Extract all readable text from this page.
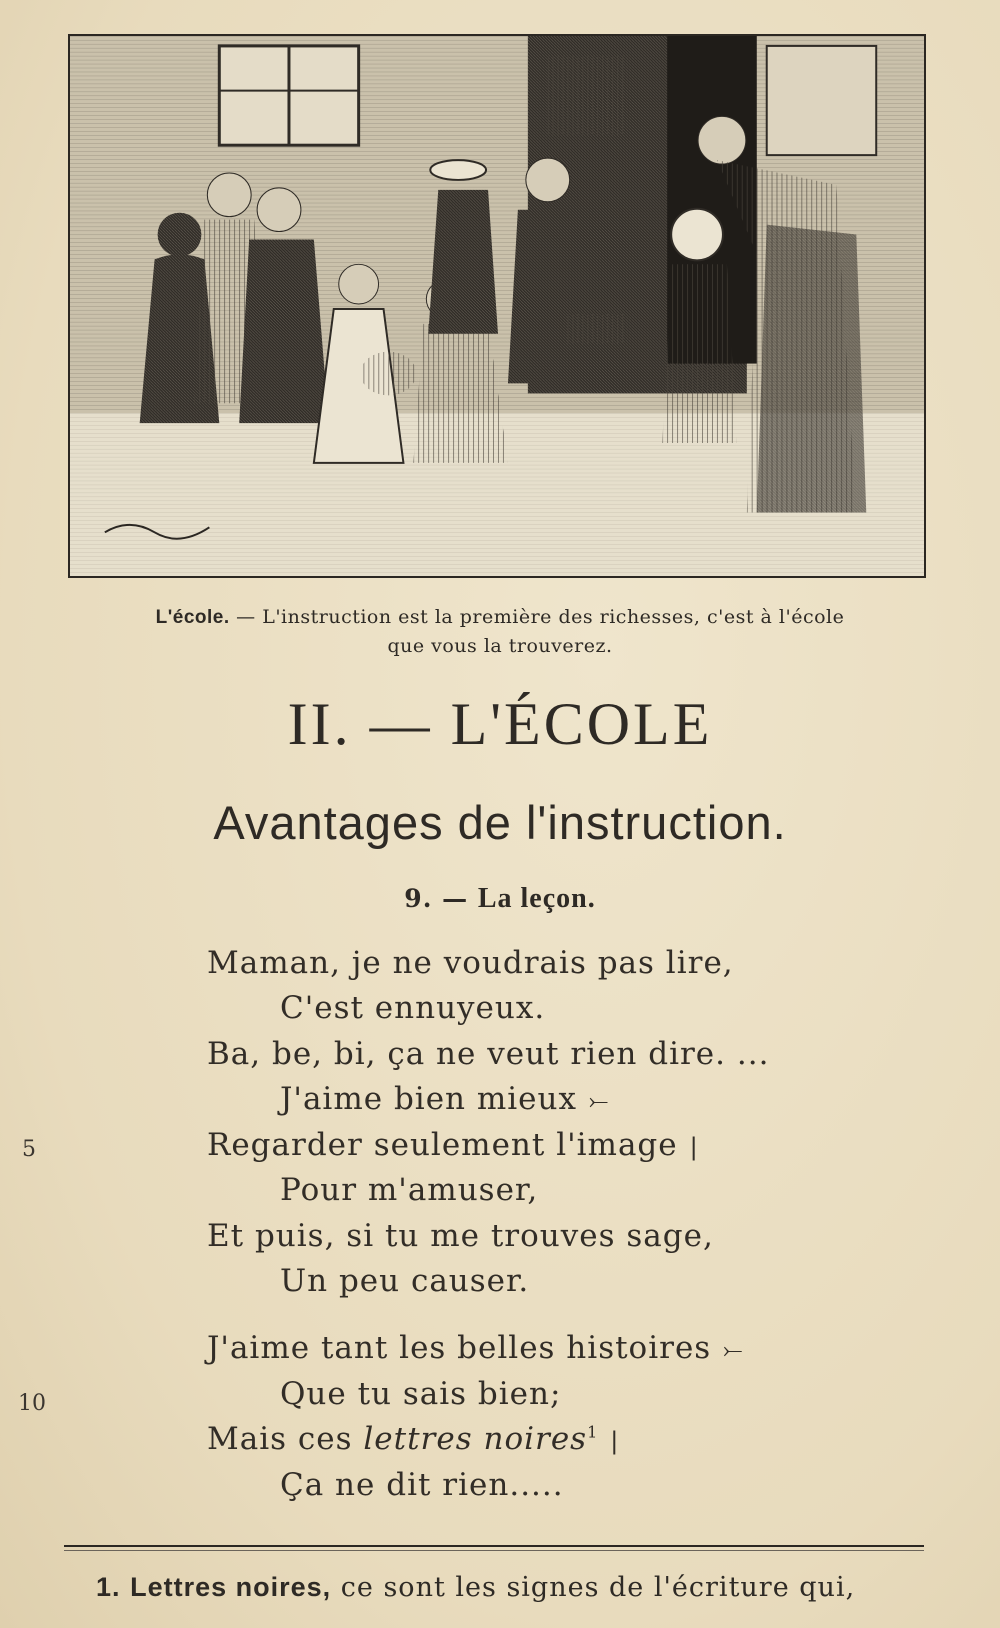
L'école. — L'instruction est la première des richesses, c'est à l'école
que vous la trouverez.
II. — L'ÉCOLE
Avantages de l'instruction.
9. — La leçon.
Maman, je ne voudrais pas lire,
C'est ennuyeux.
Ba, be, bi, ça ne veut rien dire. ...
J'aime bien mieux ⤚
5	Regarder seulement l'image |
Pour m'amuser,
Et puis, si tu me trouves sage,
Un peu causer.
J'aime tant les belles histoires ⤚
10	Que tu sais bien;
Mais ces lettres noires$^1$ |
Ça ne dit rien.....
1. Lettres noires, ce sont les signes de l'écriture qui,
